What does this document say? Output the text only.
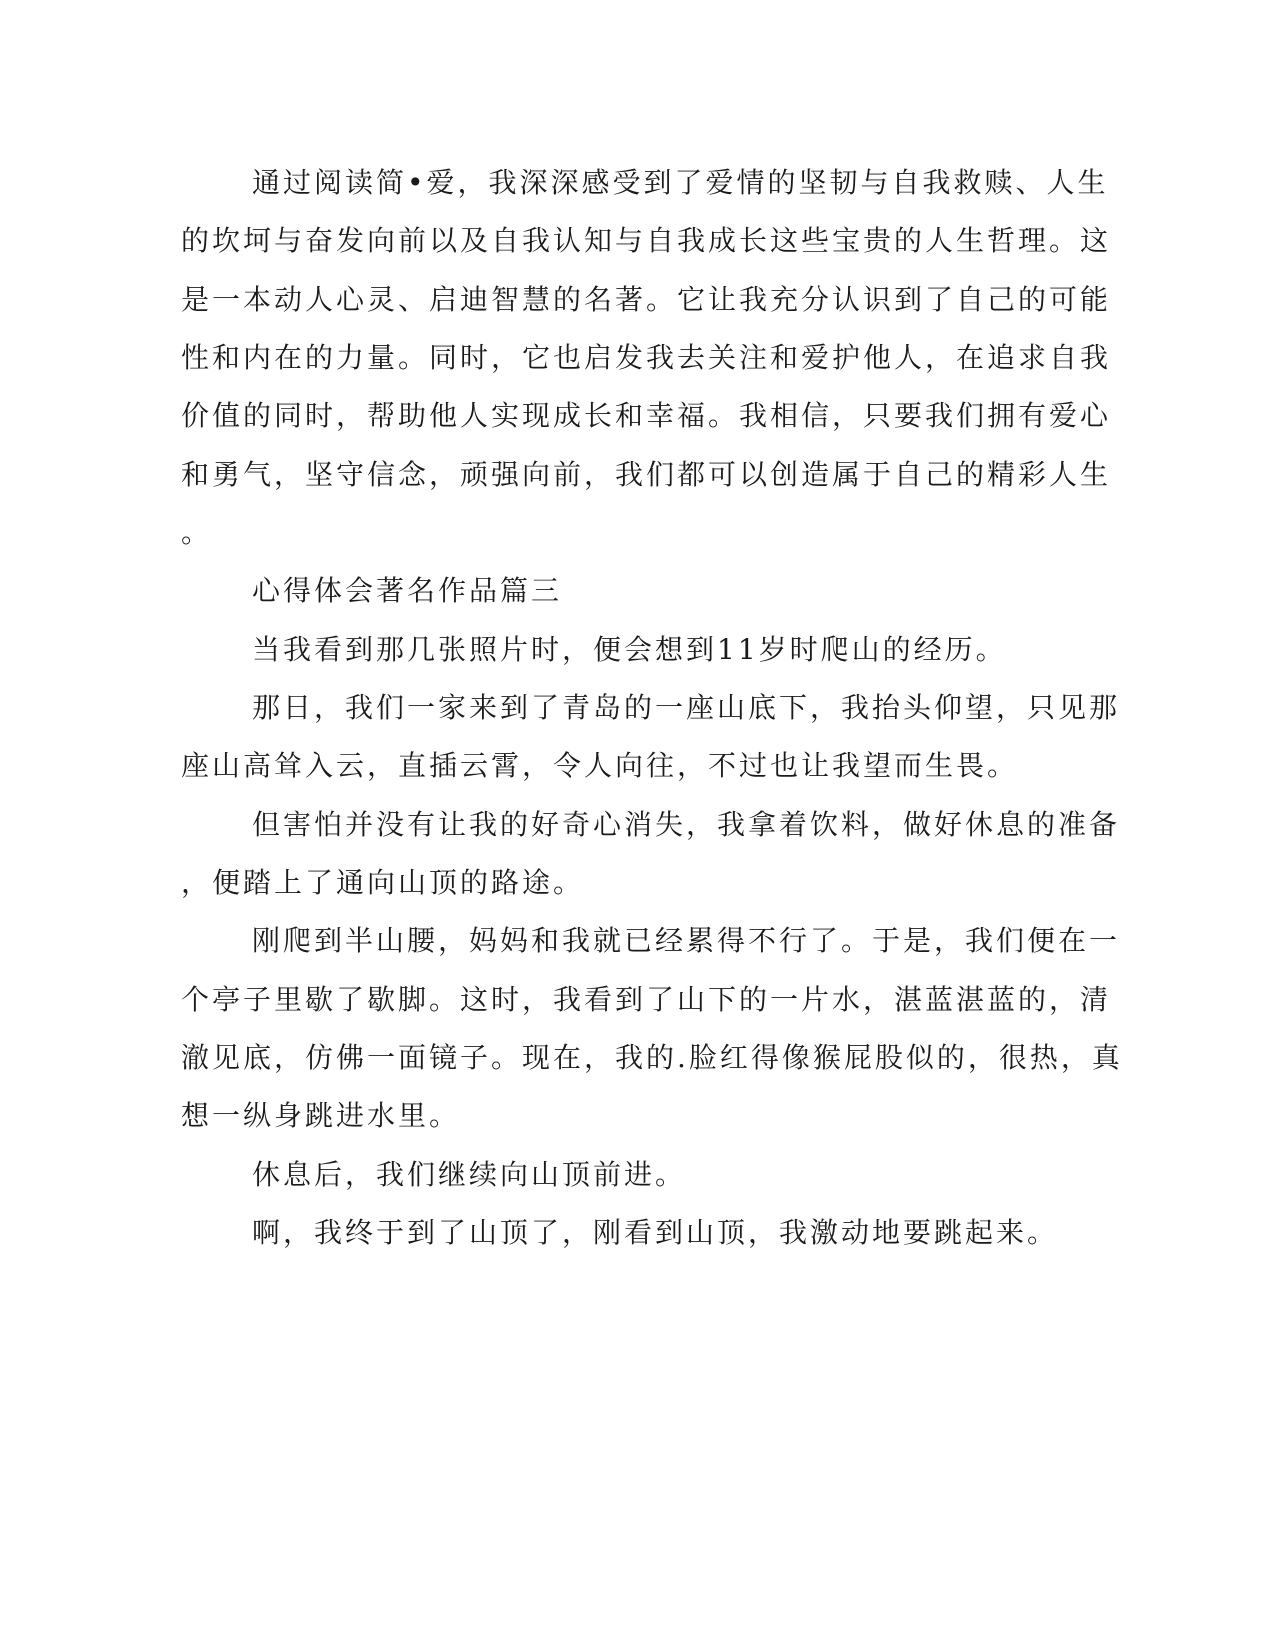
通过阅读简•爱，我深深感受到了爱情的坚韧与自我救赎、人生

的坎坷与奋发向前以及自我认知与自我成长这些宝贵的人生哲理。这

是一本动人心灵、启迪智慧的名著。它让我充分认识到了自己的可能

性和内在的力量。同时，它也启发我去关注和爱护他人，在追求自我

价值的同时，帮助他人实现成长和幸福。我相信，只要我们拥有爱心

和勇气，坚守信念，顽强向前，我们都可以创造属于自己的精彩人生

。

心得体会著名作品篇三

当我看到那几张照片时，便会想到11岁时爬山的经历。

那日，我们一家来到了青岛的一座山底下，我抬头仰望，只见那

座山高耸入云，直插云霄，令人向往，不过也让我望而生畏。

但害怕并没有让我的好奇心消失，我拿着饮料，做好休息的准备

，便踏上了通向山顶的路途。

刚爬到半山腰，妈妈和我就已经累得不行了。于是，我们便在一

个亭子里歇了歇脚。这时，我看到了山下的一片水，湛蓝湛蓝的，清

澈见底，仿佛一面镜子。现在，我的.脸红得像猴屁股似的，很热，真

想一纵身跳进水里。

休息后，我们继续向山顶前进。

啊，我终于到了山顶了，刚看到山顶，我激动地要跳起来。
